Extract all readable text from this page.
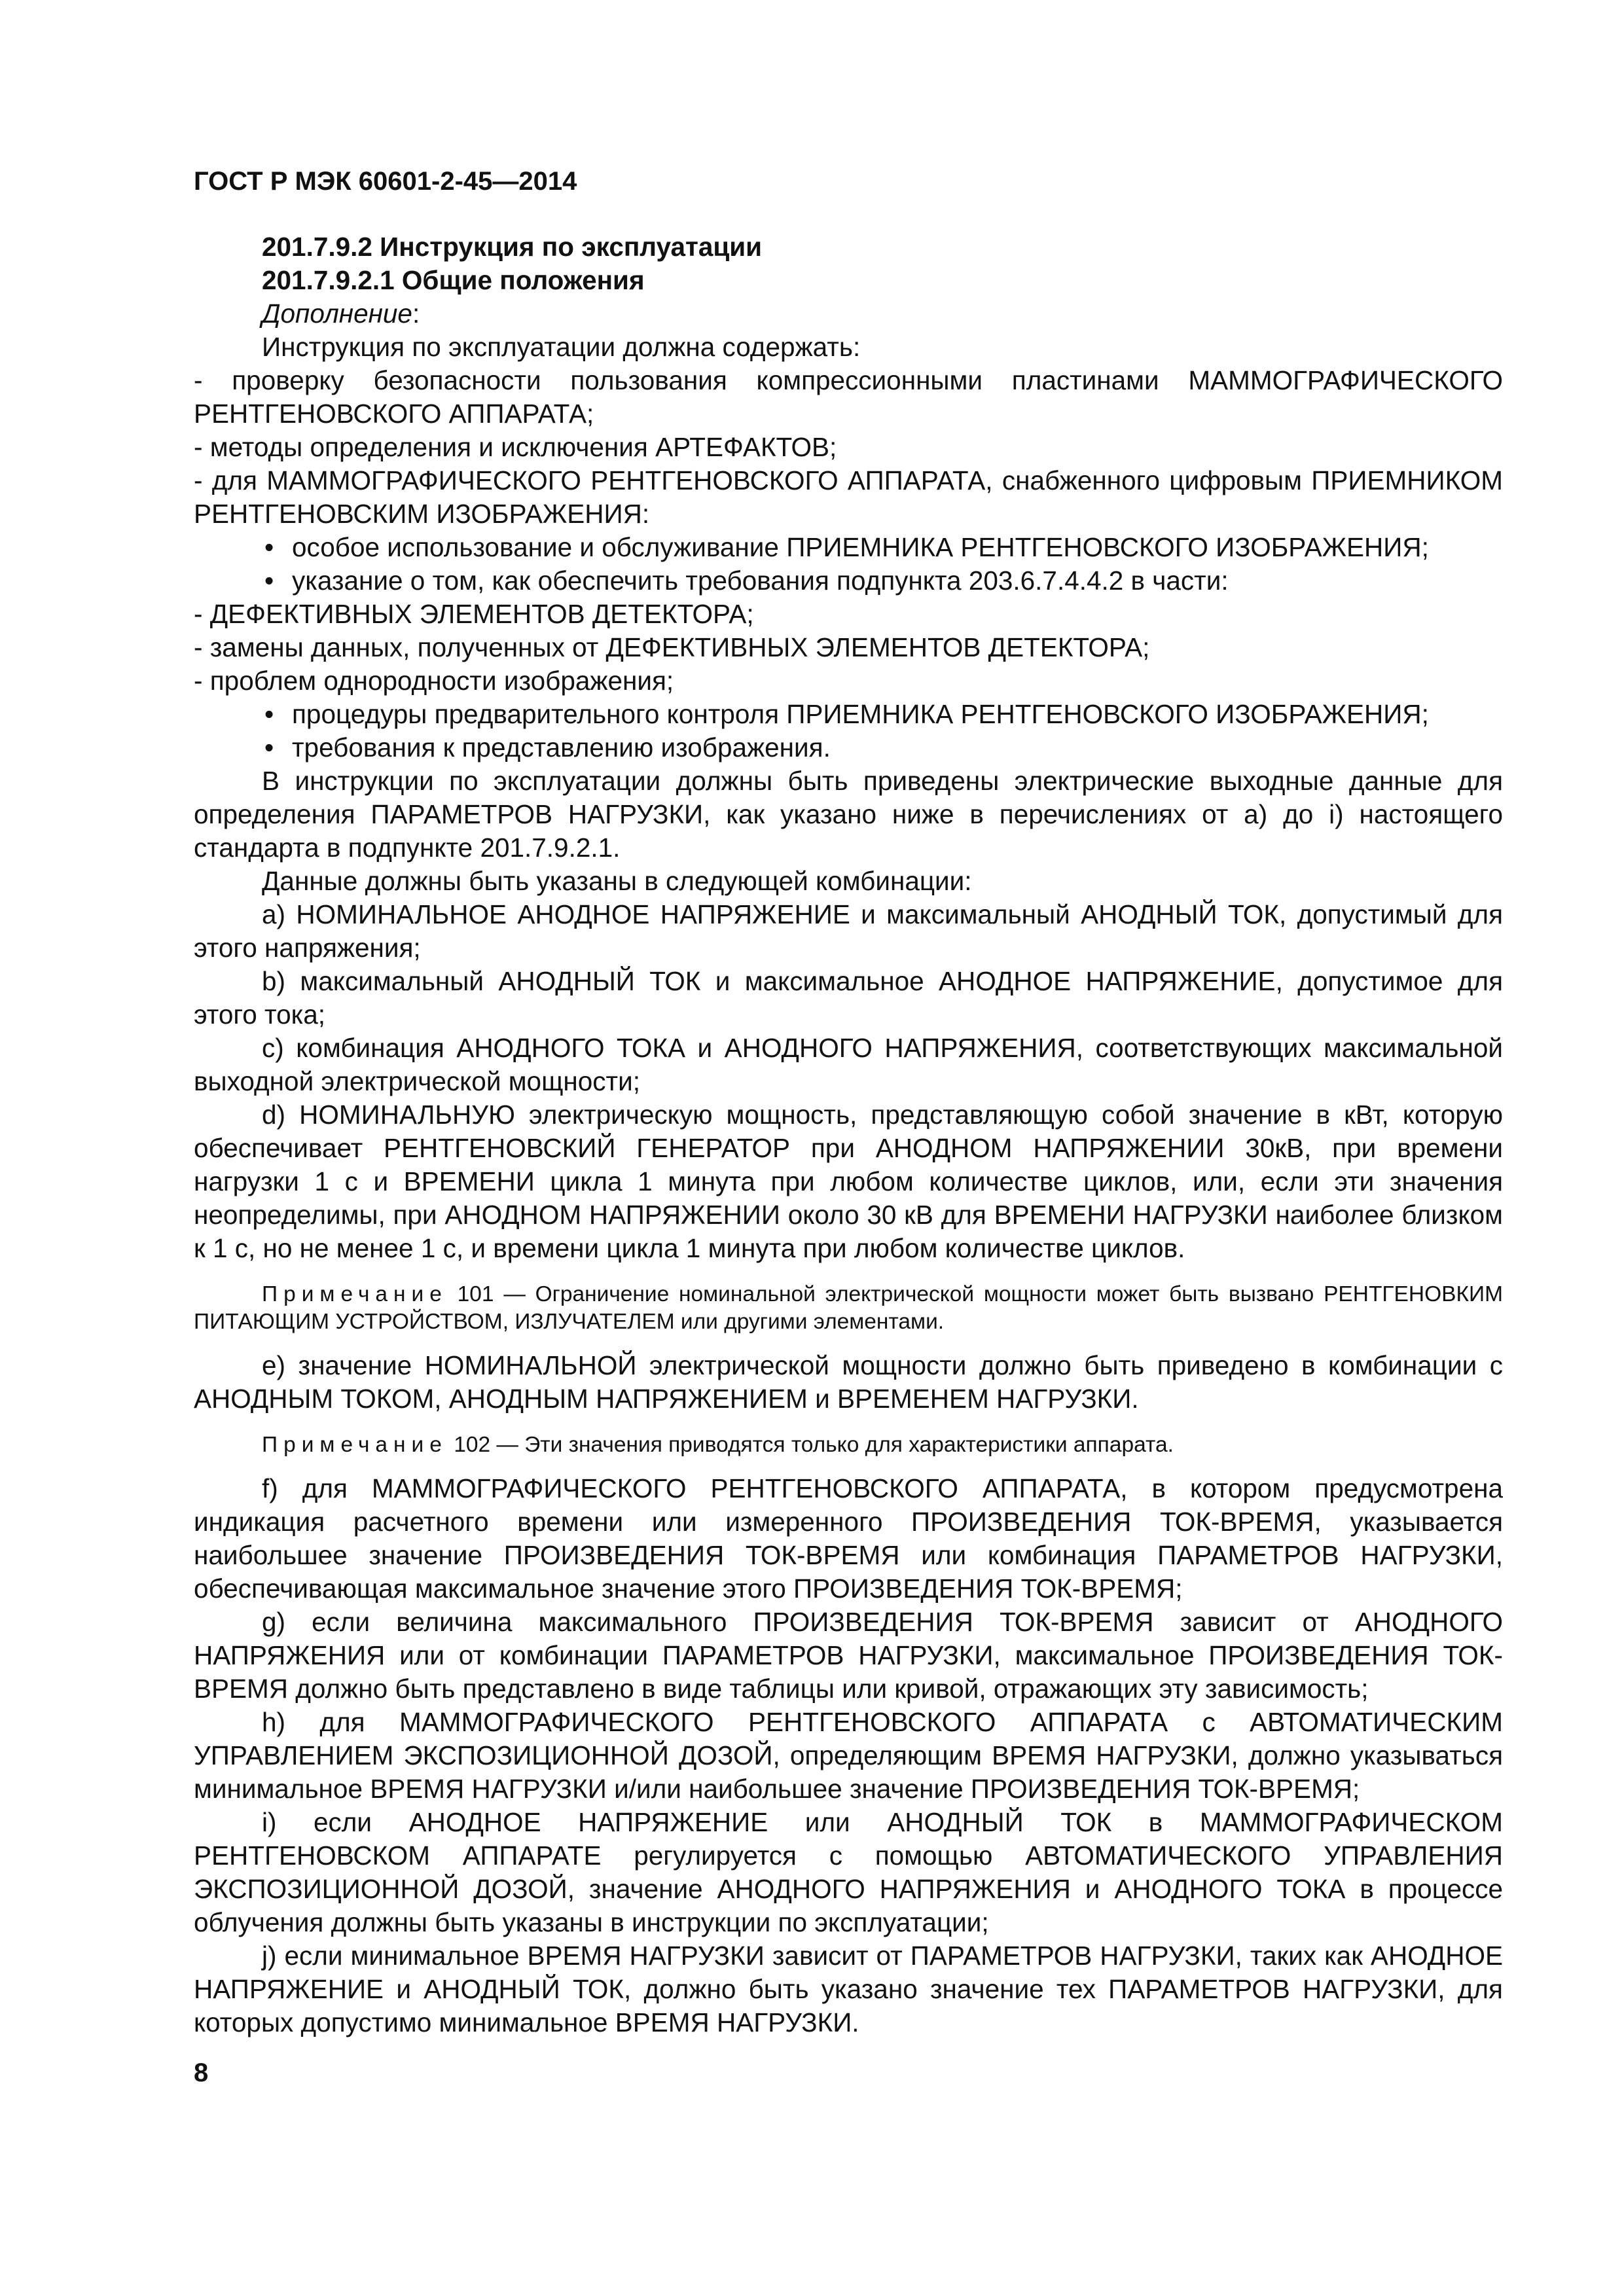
ГОСТ Р МЭК 60601-2-45—2014

201.7.9.2 Инструкция по эксплуатации

201.7.9.2.1 Общие положения

Дополнение:

Инструкция по эксплуатации должна содержать:

- проверку безопасности пользования компрессионными пластинами МАММОГРАФИЧЕСКОГО РЕНТГЕНОВСКОГО АППАРАТА;

- методы определения и исключения АРТЕФАКТОВ;

- для МАММОГРАФИЧЕСКОГО РЕНТГЕНОВСКОГО АППАРАТА, снабженного цифровым ПРИЕМНИКОМ РЕНТГЕНОВСКИМ ИЗОБРАЖЕНИЯ:

• особое использование и обслуживание ПРИЕМНИКА РЕНТГЕНОВСКОГО ИЗОБРАЖЕНИЯ;
• указание о том, как обеспечить требования подпункта 203.6.7.4.4.2 в части:

- ДЕФЕКТИВНЫХ ЭЛЕМЕНТОВ ДЕТЕКТОРА;

- замены данных, полученных от ДЕФЕКТИВНЫХ ЭЛЕМЕНТОВ ДЕТЕКТОРА;

- проблем однородности изображения;

• процедуры предварительного контроля ПРИЕМНИКА РЕНТГЕНОВСКОГО ИЗОБРАЖЕНИЯ;
• требования к представлению изображения.

В инструкции по эксплуатации должны быть приведены электрические выходные данные для определения ПАРАМЕТРОВ НАГРУЗКИ, как указано ниже в перечислениях от а) до i) настоящего стандарта в подпункте 201.7.9.2.1.

Данные должны быть указаны в следующей комбинации:

a) НОМИНАЛЬНОЕ АНОДНОЕ НАПРЯЖЕНИЕ и максимальный АНОДНЫЙ ТОК, допустимый для этого напряжения;

b) максимальный АНОДНЫЙ ТОК и максимальное АНОДНОЕ НАПРЯЖЕНИЕ, допустимое для этого тока;

c) комбинация АНОДНОГО ТОКА и АНОДНОГО НАПРЯЖЕНИЯ, соответствующих максимальной выходной электрической мощности;

d) НОМИНАЛЬНУЮ электрическую мощность, представляющую собой значение в кВт, которую обеспечивает РЕНТГЕНОВСКИЙ ГЕНЕРАТОР при АНОДНОМ НАПРЯЖЕНИИ 30кВ, при времени нагрузки 1 с и ВРЕМЕНИ цикла 1 минута при любом количестве циклов, или, если эти значения неопределимы, при АНОДНОМ НАПРЯЖЕНИИ около 30 кВ для ВРЕМЕНИ НАГРУЗКИ наиболее близком к 1 с, но не менее 1 с, и времени цикла 1 минута при любом количестве циклов.

Примечание 101 — Ограничение номинальной электрической мощности может быть вызвано РЕНТГЕНОВКИМ ПИТАЮЩИМ УСТРОЙСТВОМ, ИЗЛУЧАТЕЛЕМ или другими элементами.

e) значение НОМИНАЛЬНОЙ электрической мощности должно быть приведено в комбинации с АНОДНЫМ ТОКОМ, АНОДНЫМ НАПРЯЖЕНИЕМ и ВРЕМЕНЕМ НАГРУЗКИ.

Примечание 102 — Эти значения приводятся только для характеристики аппарата.

f) для МАММОГРАФИЧЕСКОГО РЕНТГЕНОВСКОГО АППАРАТА, в котором предусмотрена индикация расчетного времени или измеренного ПРОИЗВЕДЕНИЯ ТОК-ВРЕМЯ, указывается наибольшее значение ПРОИЗВЕДЕНИЯ ТОК-ВРЕМЯ или комбинация ПАРАМЕТРОВ НАГРУЗКИ, обеспечивающая максимальное значение этого ПРОИЗВЕДЕНИЯ ТОК-ВРЕМЯ;

g) если величина максимального ПРОИЗВЕДЕНИЯ ТОК-ВРЕМЯ зависит от АНОДНОГО НАПРЯЖЕНИЯ или от комбинации ПАРАМЕТРОВ НАГРУЗКИ, максимальное ПРОИЗВЕДЕНИЯ ТОК-ВРЕМЯ должно быть представлено в виде таблицы или кривой, отражающих эту зависимость;

h) для МАММОГРАФИЧЕСКОГО РЕНТГЕНОВСКОГО АППАРАТА с АВТОМАТИЧЕСКИМ УПРАВЛЕНИЕМ ЭКСПОЗИЦИОННОЙ ДОЗОЙ, определяющим ВРЕМЯ НАГРУЗКИ, должно указываться минимальное ВРЕМЯ НАГРУЗКИ и/или наибольшее значение ПРОИЗВЕДЕНИЯ ТОК-ВРЕМЯ;

i) если АНОДНОЕ НАПРЯЖЕНИЕ или АНОДНЫЙ ТОК в МАММОГРАФИЧЕСКОМ РЕНТГЕНОВСКОМ АППАРАТЕ регулируется с помощью АВТОМАТИЧЕСКОГО УПРАВЛЕНИЯ ЭКСПОЗИЦИОННОЙ ДОЗОЙ, значение АНОДНОГО НАПРЯЖЕНИЯ и АНОДНОГО ТОКА в процессе облучения должны быть указаны в инструкции по эксплуатации;

j) если минимальное ВРЕМЯ НАГРУЗКИ зависит от ПАРАМЕТРОВ НАГРУЗКИ, таких как АНОДНОЕ НАПРЯЖЕНИЕ и АНОДНЫЙ ТОК, должно быть указано значение тех ПАРАМЕТРОВ НАГРУЗКИ, для которых допустимо минимальное ВРЕМЯ НАГРУЗКИ.

8
